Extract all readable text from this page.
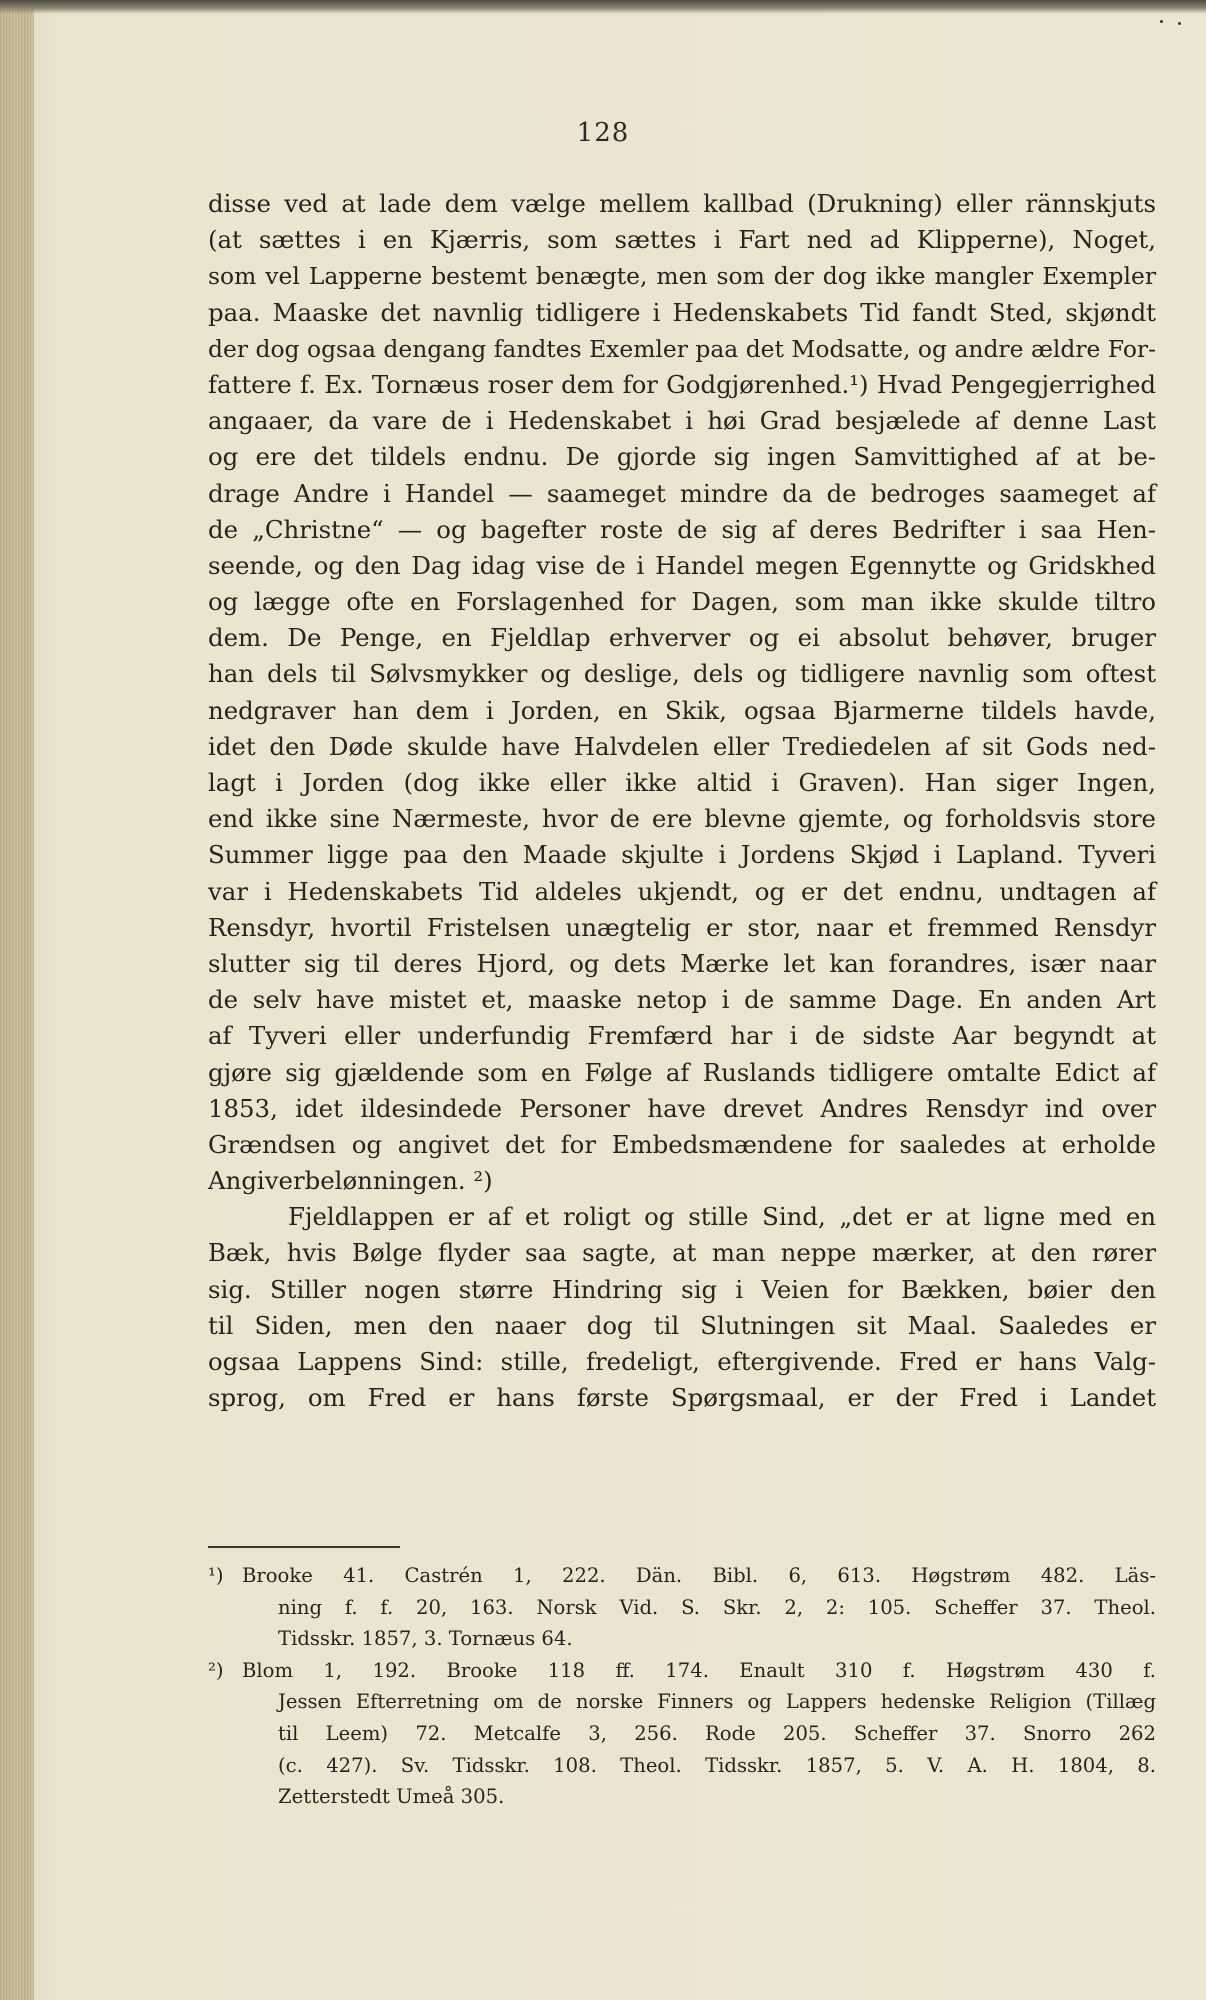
128
disse ved at lade dem vælge mellem kallbad (Drukning) eller rännskjuts
(at sættes i en Kjærris, som sættes i Fart ned ad Klipperne), Noget,
som vel Lapperne bestemt benægte, men som der dog ikke mangler Exempler
paa. Maaske det navnlig tidligere i Hedenskabets Tid fandt Sted, skjøndt
der dog ogsaa dengang fandtes Exemler paa det Modsatte, og andre ældre For-
fattere f. Ex. Tornæus roser dem for Godgjørenhed.¹) Hvad Pengegjerrighed
angaaer, da vare de i Hedenskabet i høi Grad besjælede af denne Last
og ere det tildels endnu. De gjorde sig ingen Samvittighed af at be-
drage Andre i Handel — saameget mindre da de bedroges saameget af
de „Christne“ — og bagefter roste de sig af deres Bedrifter i saa Hen-
seende, og den Dag idag vise de i Handel megen Egennytte og Gridskhed
og lægge ofte en Forslagenhed for Dagen, som man ikke skulde tiltro
dem. De Penge, en Fjeldlap erhverver og ei absolut behøver, bruger
han dels til Sølvsmykker og deslige, dels og tidligere navnlig som oftest
nedgraver han dem i Jorden, en Skik, ogsaa Bjarmerne tildels havde,
idet den Døde skulde have Halvdelen eller Trediedelen af sit Gods ned-
lagt i Jorden (dog ikke eller ikke altid i Graven). Han siger Ingen,
end ikke sine Nærmeste, hvor de ere blevne gjemte, og forholdsvis store
Summer ligge paa den Maade skjulte i Jordens Skjød i Lapland. Tyveri
var i Hedenskabets Tid aldeles ukjendt, og er det endnu, undtagen af
Rensdyr, hvortil Fristelsen unægtelig er stor, naar et fremmed Rensdyr
slutter sig til deres Hjord, og dets Mærke let kan forandres, især naar
de selv have mistet et, maaske netop i de samme Dage. En anden Art
af Tyveri eller underfundig Fremfærd har i de sidste Aar begyndt at
gjøre sig gjældende som en Følge af Ruslands tidligere omtalte Edict af
1853, idet ildesindede Personer have drevet Andres Rensdyr ind over
Grændsen og angivet det for Embedsmændene for saaledes at erholde
Angiverbelønningen. ²)
Fjeldlappen er af et roligt og stille Sind, „det er at ligne med en
Bæk, hvis Bølge flyder saa sagte, at man neppe mærker, at den rører
sig. Stiller nogen større Hindring sig i Veien for Bækken, bøier den
til Siden, men den naaer dog til Slutningen sit Maal. Saaledes er
ogsaa Lappens Sind: stille, fredeligt, eftergivende. Fred er hans Valg-
sprog, om Fred er hans første Spørgsmaal, er der Fred i Landet
¹) Brooke 41. Castrén 1, 222. Dän. Bibl. 6, 613. Høgstrøm 482. Läs-
ning f. f. 20, 163. Norsk Vid. S. Skr. 2, 2: 105. Scheffer 37. Theol.
Tidsskr. 1857, 3. Tornæus 64.
²) Blom 1, 192. Brooke 118 ff. 174. Enault 310 f. Høgstrøm 430 f.
Jessen Efterretning om de norske Finners og Lappers hedenske Religion (Tillæg
til Leem) 72. Metcalfe 3, 256. Rode 205. Scheffer 37. Snorro 262
(c. 427). Sv. Tidsskr. 108. Theol. Tidsskr. 1857, 5. V. A. H. 1804, 8.
Zetterstedt Umeå 305.
